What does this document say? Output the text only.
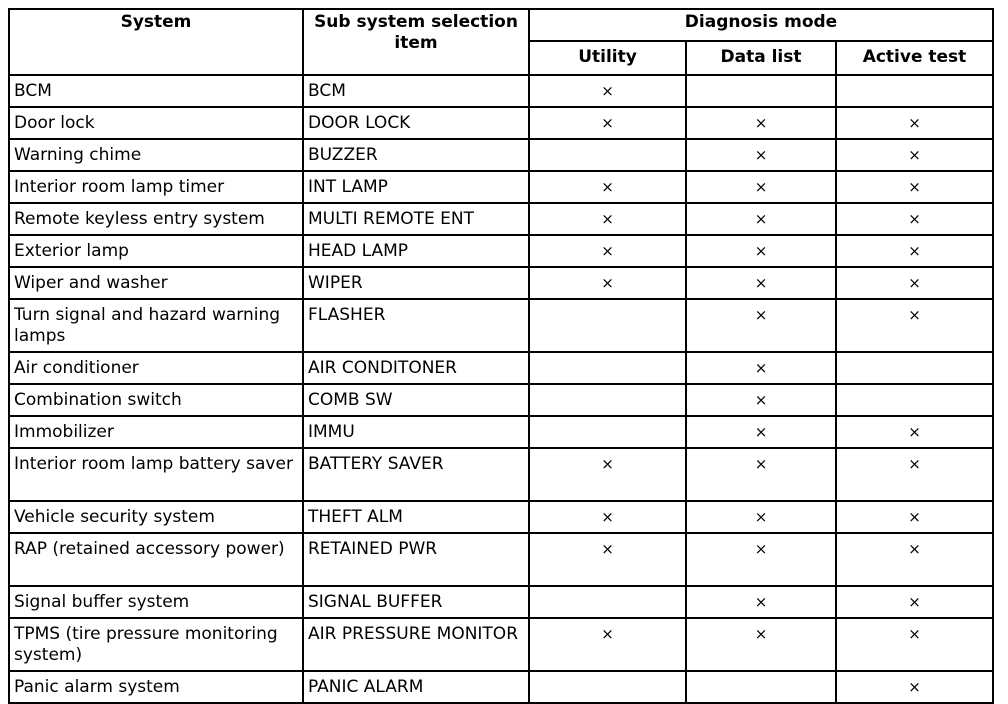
System	Sub system selection item	Diagnosis mode		
		Utility	Data list	Active test
BCM	BCM	×		
Door lock	DOOR LOCK	×	×	×
Warning chime	BUZZER		×	×
Interior room lamp timer	INT LAMP	×	×	×
Remote keyless entry system	MULTI REMOTE ENT	×	×	×
Exterior lamp	HEAD LAMP	×	×	×
Wiper and washer	WIPER	×	×	×
Turn signal and hazard warning lamps	FLASHER		×	×
Air conditioner	AIR CONDITONER		×	
Combination switch	COMB SW		×	
Immobilizer	IMMU		×	×
Interior room lamp battery saver	BATTERY SAVER	×	×	×
Vehicle security system	THEFT ALM	×	×	×
RAP (retained accessory power)	RETAINED PWR	×	×	×
Signal buffer system	SIGNAL BUFFER		×	×
TPMS (tire pressure monitoring system)	AIR PRESSURE MONITOR	×	×	×
Panic alarm system	PANIC ALARM			×
